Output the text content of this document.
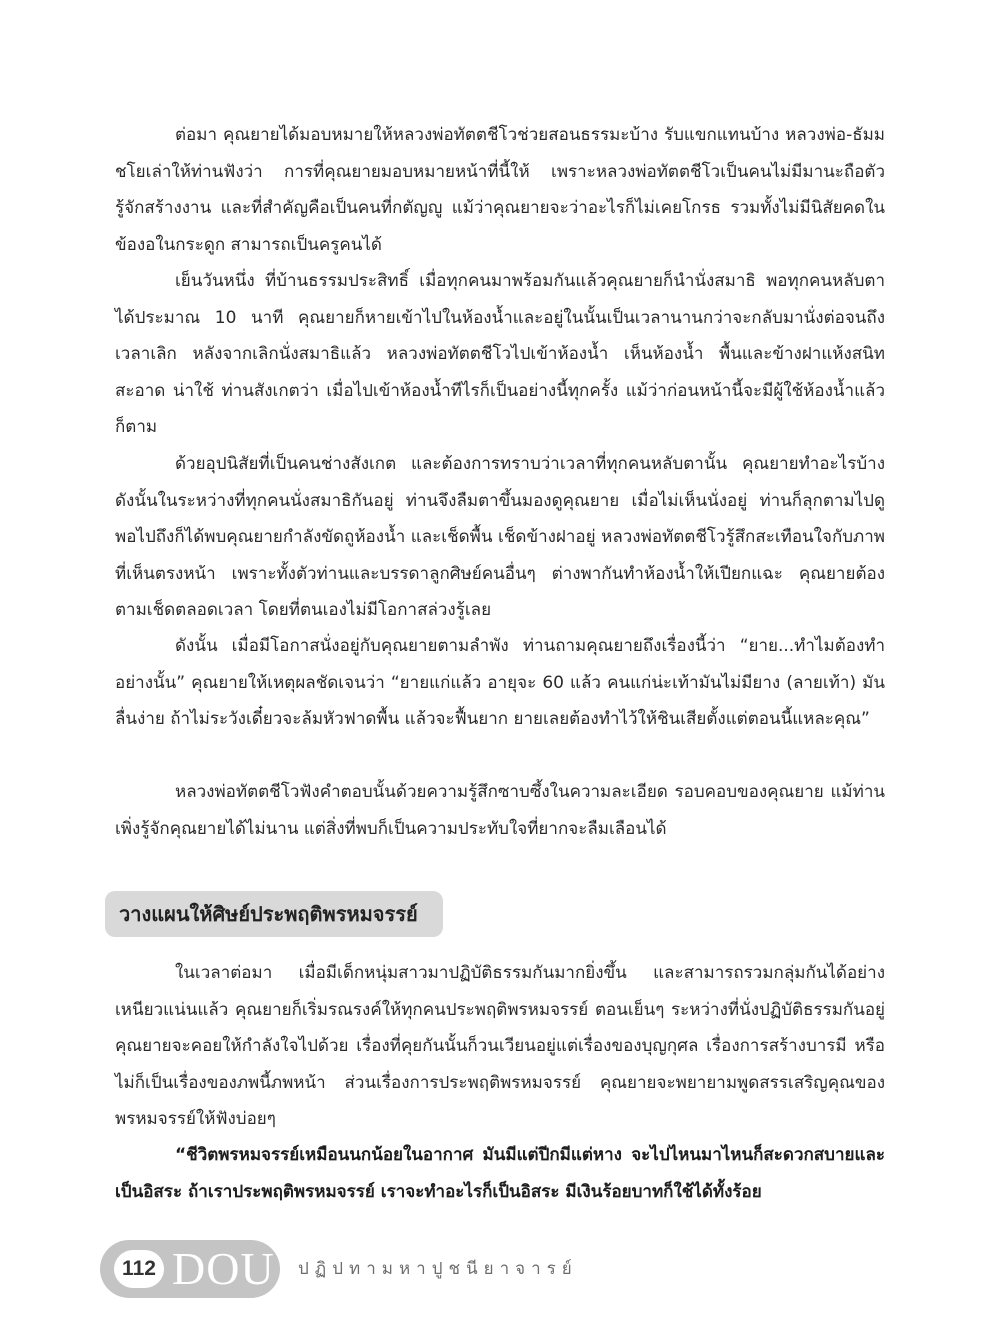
ต่อมา คุณยายได้มอบหมายให้หลวงพ่อทัตตชีโวช่วยสอนธรรมะบ้าง รับแขกแทนบ้าง หลวงพ่อ-ธัมมชโยเล่าให้ท่านฟังว่า การที่คุณยายมอบหมายหน้าที่นี้ให้ เพราะหลวงพ่อทัตตชีโวเป็นคนไม่มีมานะถือตัว รู้จักสร้างงาน และที่สำคัญคือเป็นคนที่กตัญญู แม้ว่าคุณยายจะว่าอะไรก็ไม่เคยโกรธ รวมทั้งไม่มีนิสัยคดในข้องอในกระดูก สามารถเป็นครูคนได้

เย็นวันหนึ่ง ที่บ้านธรรมประสิทธิ์ เมื่อทุกคนมาพร้อมกันแล้วคุณยายก็นำนั่งสมาธิ พอทุกคนหลับตาได้ประมาณ 10 นาที คุณยายก็หายเข้าไปในห้องน้ำและอยู่ในนั้นเป็นเวลานานกว่าจะกลับมานั่งต่อจนถึงเวลาเลิก หลังจากเลิกนั่งสมาธิแล้ว หลวงพ่อทัตตชีโวไปเข้าห้องน้ำ เห็นห้องน้ำ พื้นและข้างฝาแห้งสนิท สะอาด น่าใช้ ท่านสังเกตว่า เมื่อไปเข้าห้องน้ำทีไรก็เป็นอย่างนี้ทุกครั้ง แม้ว่าก่อนหน้านี้จะมีผู้ใช้ห้องน้ำแล้วก็ตาม

ด้วยอุปนิสัยที่เป็นคนช่างสังเกต และต้องการทราบว่าเวลาที่ทุกคนหลับตานั้น คุณยายทำอะไรบ้าง ดังนั้นในระหว่างที่ทุกคนนั่งสมาธิกันอยู่ ท่านจึงลืมตาขึ้นมองดูคุณยาย เมื่อไม่เห็นนั่งอยู่ ท่านก็ลุกตามไปดู พอไปถึงก็ได้พบคุณยายกำลังขัดถูห้องน้ำ และเช็ดพื้น เช็ดข้างฝาอยู่ หลวงพ่อทัตตชีโวรู้สึกสะเทือนใจกับภาพที่เห็นตรงหน้า เพราะทั้งตัวท่านและบรรดาลูกศิษย์คนอื่นๆ ต่างพากันทำห้องน้ำให้เปียกแฉะ คุณยายต้องตามเช็ดตลอดเวลา โดยที่ตนเองไม่มีโอกาสล่วงรู้เลย

ดังนั้น เมื่อมีโอกาสนั่งอยู่กับคุณยายตามลำพัง ท่านถามคุณยายถึงเรื่องนี้ว่า “ยาย...ทำไมต้องทำอย่างนั้น” คุณยายให้เหตุผลชัดเจนว่า “ยายแก่แล้ว อายุจะ 60 แล้ว คนแก่น่ะเท้ามันไม่มียาง (ลายเท้า) มันลื่นง่าย ถ้าไม่ระวังเดี๋ยวจะล้มหัวฟาดพื้น แล้วจะฟื้นยาก ยายเลยต้องทำไว้ให้ชินเสียตั้งแต่ตอนนี้แหละคุณ”

หลวงพ่อทัตตชีโวฟังคำตอบนั้นด้วยความรู้สึกซาบซึ้งในความละเอียด รอบคอบของคุณยาย แม้ท่านเพิ่งรู้จักคุณยายได้ไม่นาน แต่สิ่งที่พบก็เป็นความประทับใจที่ยากจะลืมเลือนได้

วางแผนให้ศิษย์ประพฤติพรหมจรรย์

ในเวลาต่อมา เมื่อมีเด็กหนุ่มสาวมาปฏิบัติธรรมกันมากยิ่งขึ้น และสามารถรวมกลุ่มกันได้อย่างเหนียวแน่นแล้ว คุณยายก็เริ่มรณรงค์ให้ทุกคนประพฤติพรหมจรรย์ ตอนเย็นๆ ระหว่างที่นั่งปฏิบัติธรรมกันอยู่ คุณยายจะคอยให้กำลังใจไปด้วย เรื่องที่คุยกันนั้นก็วนเวียนอยู่แต่เรื่องของบุญกุศล เรื่องการสร้างบารมี หรือไม่ก็เป็นเรื่องของภพนี้ภพหน้า ส่วนเรื่องการประพฤติพรหมจรรย์ คุณยายจะพยายามพูดสรรเสริญคุณของพรหมจรรย์ให้ฟังบ่อยๆ

“ชีวิตพรหมจรรย์เหมือนนกน้อยในอากาศ มันมีแต่ปีกมีแต่หาง จะไปไหนมาไหนก็สะดวกสบายและเป็นอิสระ ถ้าเราประพฤติพรหมจรรย์ เราจะทำอะไรก็เป็นอิสระ มีเงินร้อยบาทก็ใช้ได้ทั้งร้อย

112 DOU ปฏิปทามหาปูชนียาจารย์
